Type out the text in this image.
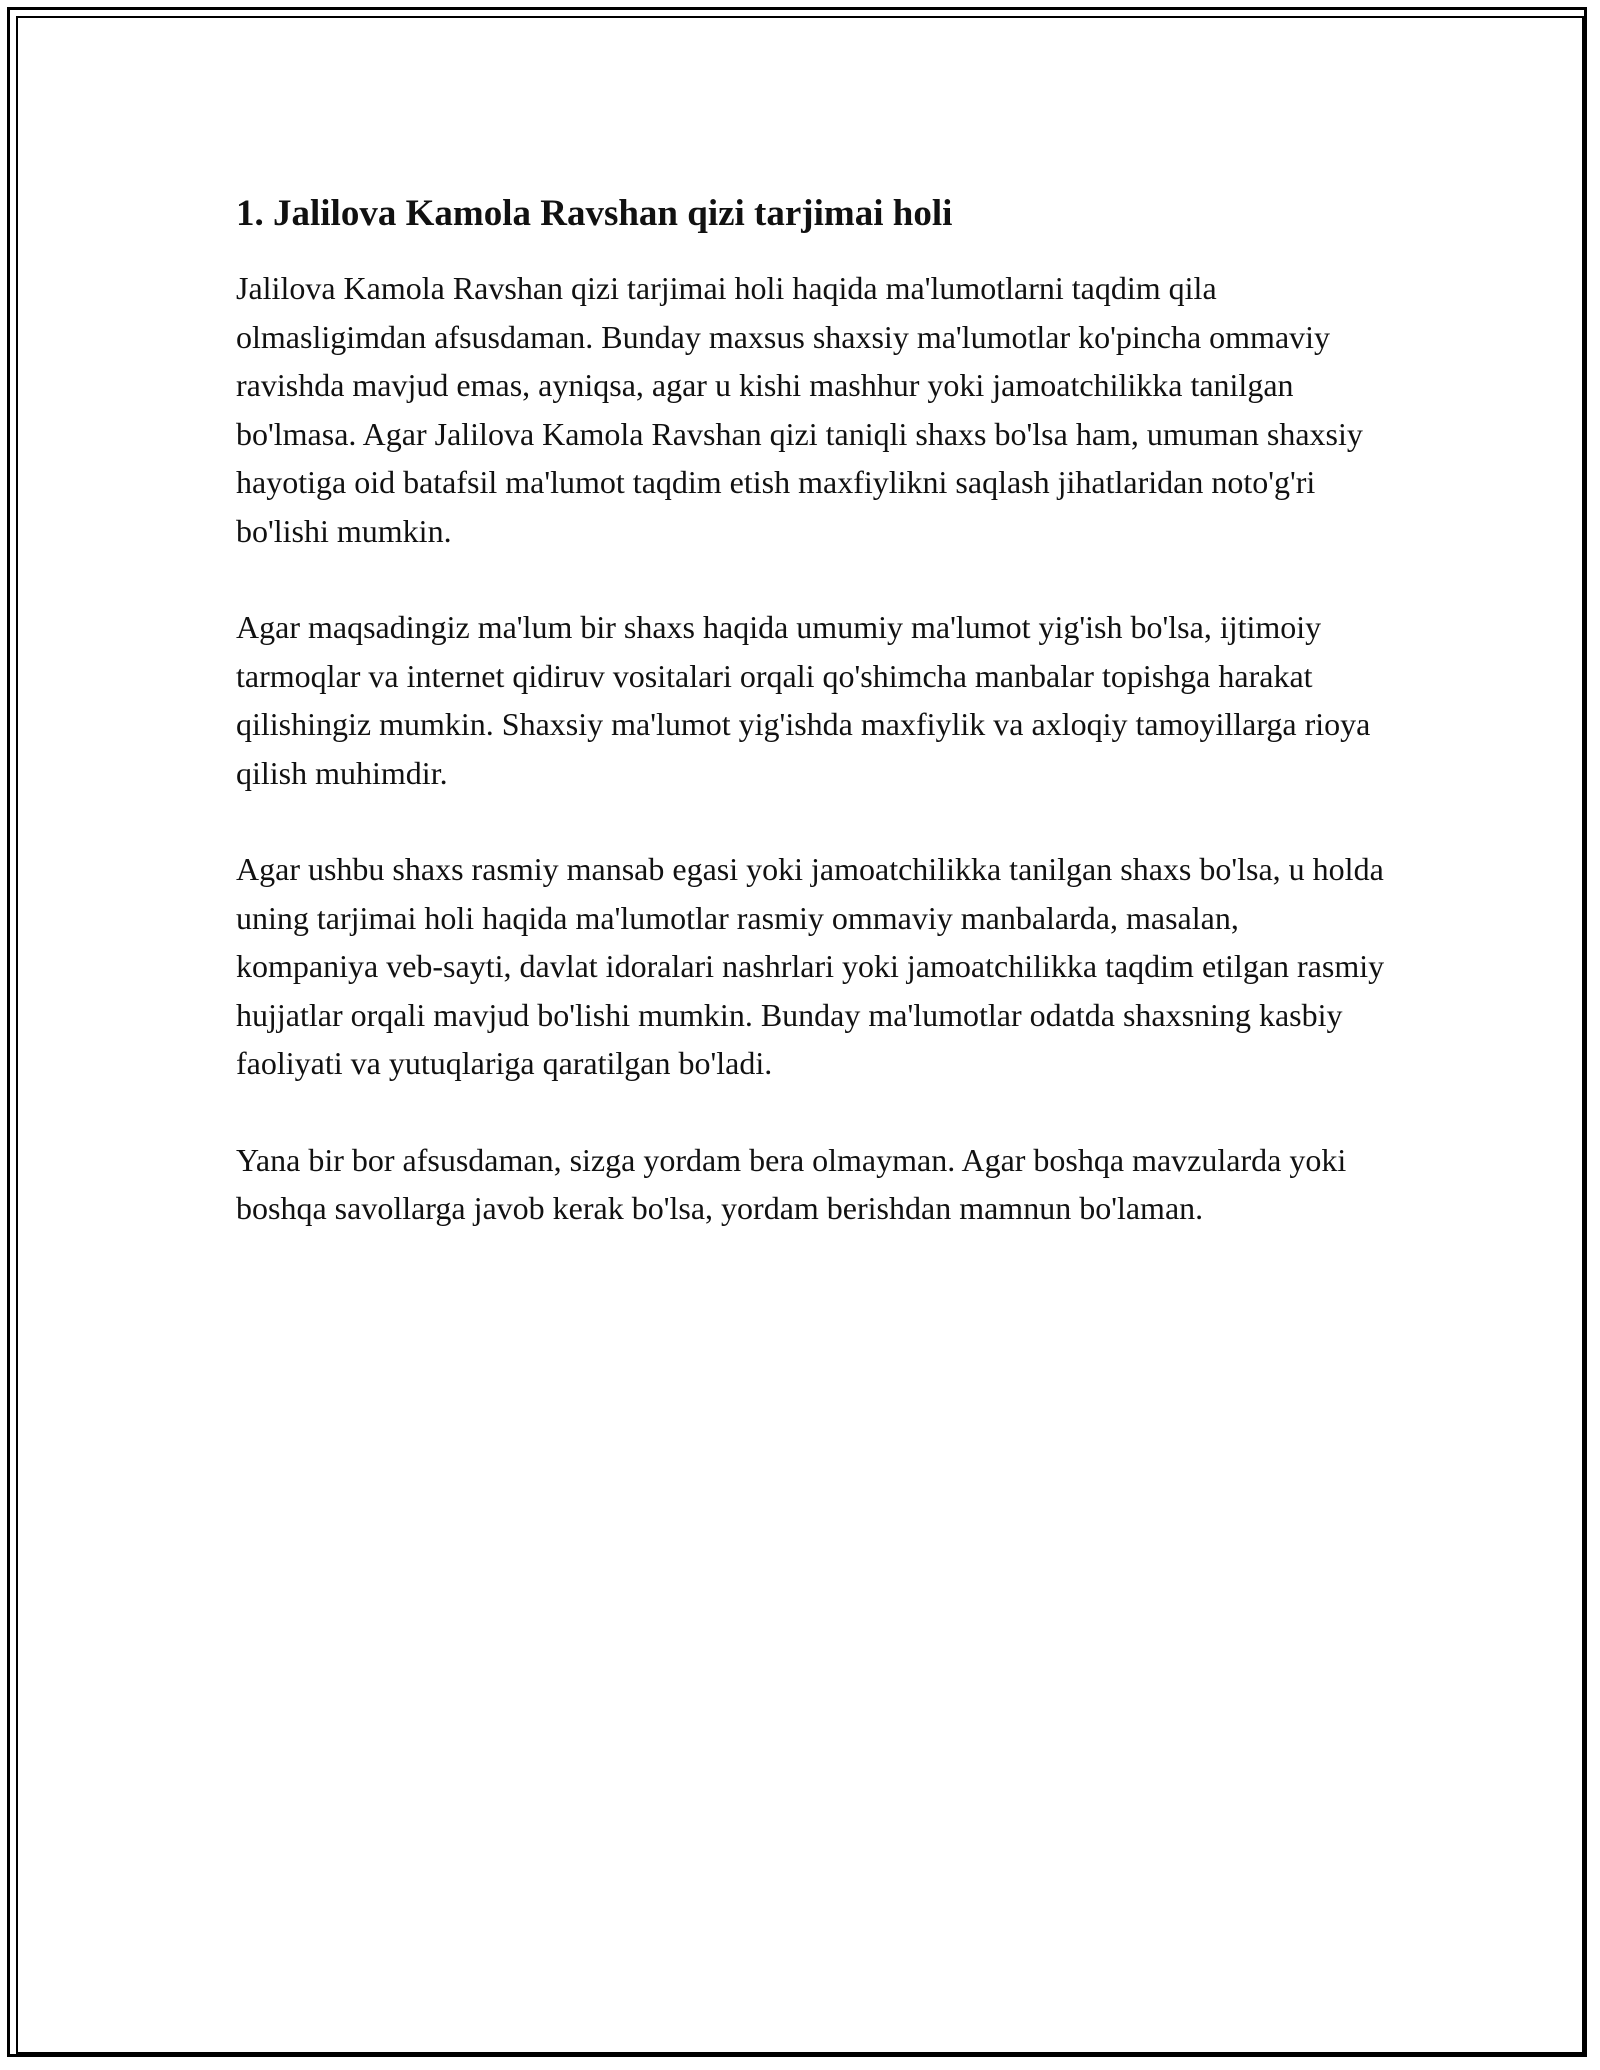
1. Jalilova Kamola Ravshan qizi tarjimai holi

Jalilova Kamola Ravshan qizi tarjimai holi haqida ma'lumotlarni taqdim qila olmasligimdan afsusdaman. Bunday maxsus shaxsiy ma'lumotlar ko'pincha ommaviy ravishda mavjud emas, ayniqsa, agar u kishi mashhur yoki jamoatchilikka tanilgan bo'lmasa. Agar Jalilova Kamola Ravshan qizi taniqli shaxs bo'lsa ham, umuman shaxsiy hayotiga oid batafsil ma'lumot taqdim etish maxfiylikni saqlash jihatlaridan noto'g'ri bo'lishi mumkin.

Agar maqsadingiz ma'lum bir shaxs haqida umumiy ma'lumot yig'ish bo'lsa, ijtimoiy tarmoqlar va internet qidiruv vositalari orqali qo'shimcha manbalar topishga harakat qilishingiz mumkin. Shaxsiy ma'lumot yig'ishda maxfiylik va axloqiy tamoyillarga rioya qilish muhimdir.

Agar ushbu shaxs rasmiy mansab egasi yoki jamoatchilikka tanilgan shaxs bo'lsa, u holda uning tarjimai holi haqida ma'lumotlar rasmiy ommaviy manbalarda, masalan, kompaniya veb-sayti, davlat idoralari nashrlari yoki jamoatchilikka taqdim etilgan rasmiy hujjatlar orqali mavjud bo'lishi mumkin. Bunday ma'lumotlar odatda shaxsning kasbiy faoliyati va yutuqlariga qaratilgan bo'ladi.

Yana bir bor afsusdaman, sizga yordam bera olmayman. Agar boshqa mavzularda yoki boshqa savollarga javob kerak bo'lsa, yordam berishdan mamnun bo'laman.
